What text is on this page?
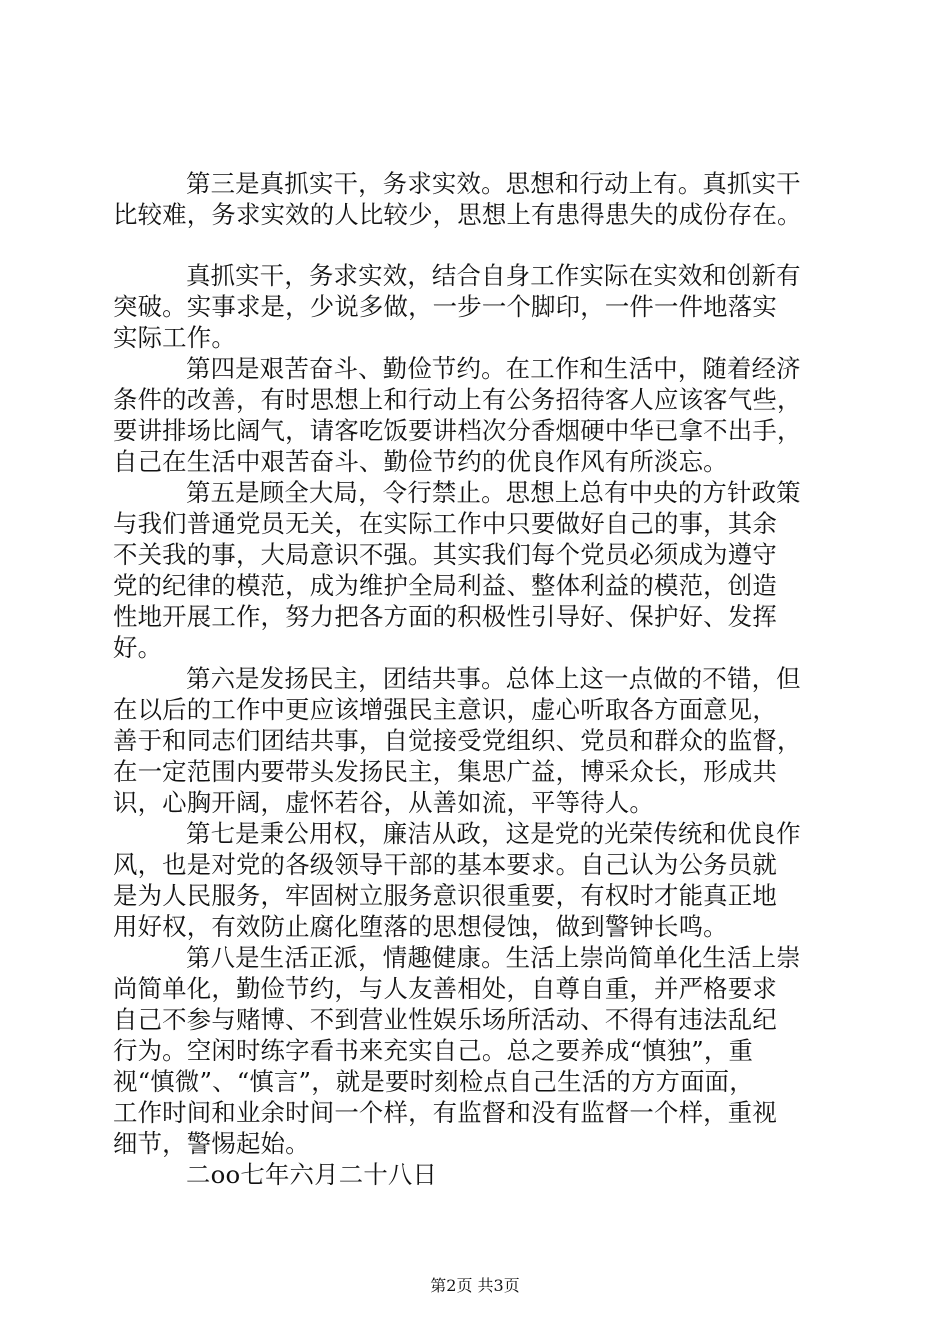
第三是真抓实干，务求实效。思想和行动上有。真抓实干
比较难，务求实效的人比较少，思想上有患得患失的成份存在。
真抓实干，务求实效，结合自身工作实际在实效和创新有
突破。实事求是，少说多做，一步一个脚印，一件一件地落实
实际工作。
第四是艰苦奋斗、勤俭节约。在工作和生活中，随着经济
条件的改善，有时思想上和行动上有公务招待客人应该客气些，
要讲排场比阔气，请客吃饭要讲档次分香烟硬中华已拿不出手，
自己在生活中艰苦奋斗、勤俭节约的优良作风有所淡忘。
第五是顾全大局，令行禁止。思想上总有中央的方针政策
与我们普通党员无关，在实际工作中只要做好自己的事，其余
不关我的事，大局意识不强。其实我们每个党员必须成为遵守
党的纪律的模范，成为维护全局利益、整体利益的模范，创造
性地开展工作，努力把各方面的积极性引导好、保护好、发挥
好。
第六是发扬民主，团结共事。总体上这一点做的不错，但
在以后的工作中更应该增强民主意识，虚心听取各方面意见，
善于和同志们团结共事，自觉接受党组织、党员和群众的监督，
在一定范围内要带头发扬民主，集思广益，博采众长，形成共
识，心胸开阔，虚怀若谷，从善如流，平等待人。
第七是秉公用权，廉洁从政，这是党的光荣传统和优良作
风，也是对党的各级领导干部的基本要求。自己认为公务员就
是为人民服务，牢固树立服务意识很重要，有权时才能真正地
用好权，有效防止腐化堕落的思想侵蚀，做到警钟长鸣。
第八是生活正派，情趣健康。生活上崇尚简单化生活上崇
尚简单化，勤俭节约，与人友善相处，自尊自重，并严格要求
自己不参与赌博、不到营业性娱乐场所活动、不得有违法乱纪
行为。空闲时练字看书来充实自己。总之要养成“慎独”，重
视“慎微”、“慎言”，就是要时刻检点自己生活的方方面面，
工作时间和业余时间一个样，有监督和没有监督一个样，重视
细节，警惕起始。
二oo七年六月二十八日
第2页 共3页
